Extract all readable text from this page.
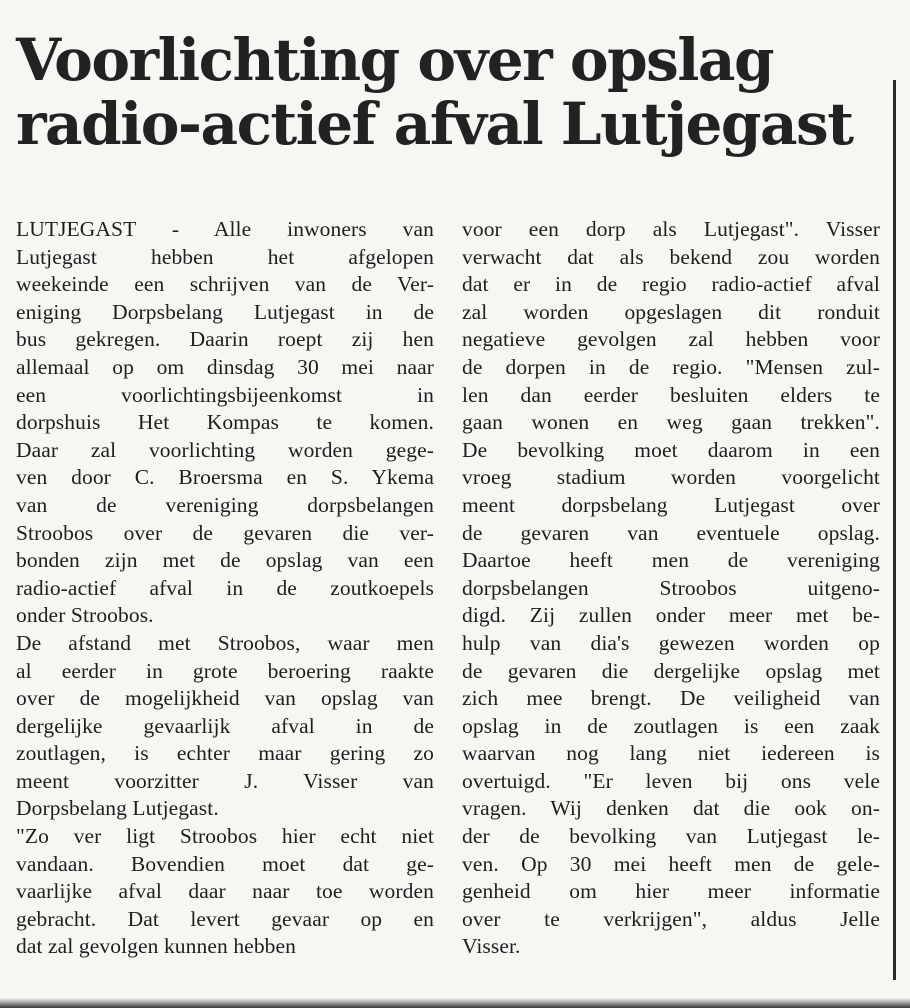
Voorlichting over opslag
radio-actief afval Lutjegast
LUTJEGAST - Alle inwoners van
Lutjegast hebben het afgelopen
weekeinde een schrijven van de Ver-
eniging Dorpsbelang Lutjegast in de
bus gekregen. Daarin roept zij hen
allemaal op om dinsdag 30 mei naar
een voorlichtingsbijeenkomst in
dorpshuis Het Kompas te komen.
Daar zal voorlichting worden gege-
ven door C. Broersma en S. Ykema
van de vereniging dorpsbelangen
Stroobos over de gevaren die ver-
bonden zijn met de opslag van een
radio-actief afval in de zoutkoepels
onder Stroobos.
De afstand met Stroobos, waar men
al eerder in grote beroering raakte
over de mogelijkheid van opslag van
dergelijke gevaarlijk afval in de
zoutlagen, is echter maar gering zo
meent voorzitter J. Visser van
Dorpsbelang Lutjegast.
"Zo ver ligt Stroobos hier echt niet
vandaan. Bovendien moet dat ge-
vaarlijke afval daar naar toe worden
gebracht. Dat levert gevaar op en
dat zal gevolgen kunnen hebben
voor een dorp als Lutjegast". Visser
verwacht dat als bekend zou worden
dat er in de regio radio-actief afval
zal worden opgeslagen dit ronduit
negatieve gevolgen zal hebben voor
de dorpen in de regio. "Mensen zul-
len dan eerder besluiten elders te
gaan wonen en weg gaan trekken".
De bevolking moet daarom in een
vroeg stadium worden voorgelicht
meent dorpsbelang Lutjegast over
de gevaren van eventuele opslag.
Daartoe heeft men de vereniging
dorpsbelangen Stroobos uitgeno-
digd. Zij zullen onder meer met be-
hulp van dia's gewezen worden op
de gevaren die dergelijke opslag met
zich mee brengt. De veiligheid van
opslag in de zoutlagen is een zaak
waarvan nog lang niet iedereen is
overtuigd. "Er leven bij ons vele
vragen. Wij denken dat die ook on-
der de bevolking van Lutjegast le-
ven. Op 30 mei heeft men de gele-
genheid om hier meer informatie
over te verkrijgen", aldus Jelle
Visser.
